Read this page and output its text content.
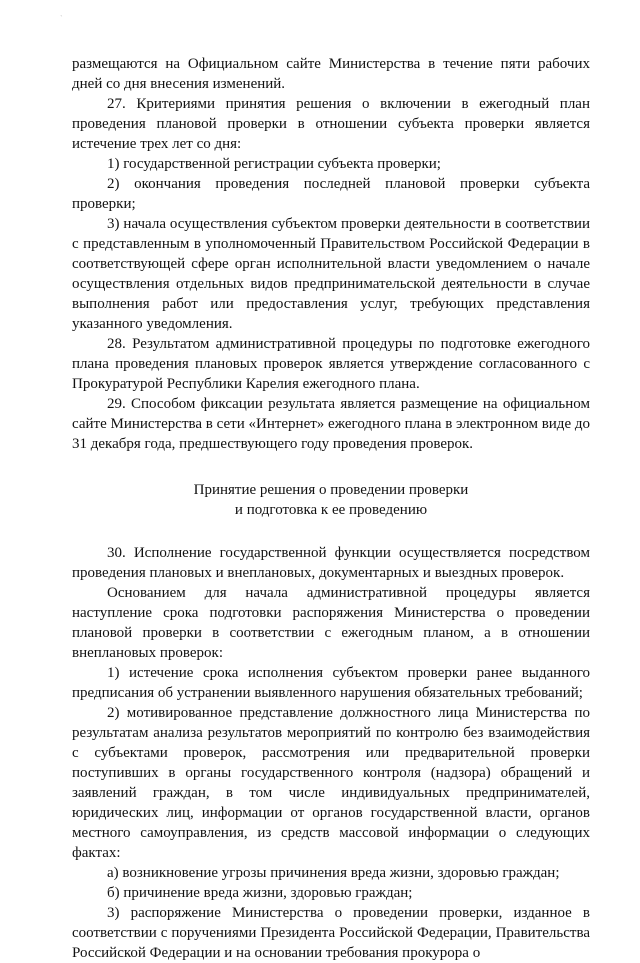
`

размещаются на Официальном сайте Министерства в течение пяти рабочих дней со дня внесения изменений.

27. Критериями принятия решения о включении в ежегодный план проведения плановой проверки в отношении субъекта проверки является истечение трех лет со дня:

1) государственной регистрации субъекта проверки;

2) окончания проведения последней плановой проверки субъекта проверки;

3) начала осуществления субъектом проверки деятельности в соответствии с представленным в уполномоченный Правительством Российской Федерации в соответствующей сфере орган исполнительной власти уведомлением о начале осуществления отдельных видов предпринимательской деятельности в случае выполнения работ или предоставления услуг, требующих представления указанного уведомления.

28. Результатом административной процедуры по подготовке ежегодного плана проведения плановых проверок является утверждение согласованного с Прокуратурой Республики Карелия ежегодного плана.

29. Способом фиксации результата является размещение на официальном сайте Министерства в сети «Интернет» ежегодного плана в электронном виде до 31 декабря года, предшествующего году проведения проверок.

Принятие решения о проведении проверки
и подготовка к ее проведению

30. Исполнение государственной функции осуществляется посредством проведения плановых и внеплановых, документарных и выездных проверок.

Основанием для начала административной процедуры является наступление срока подготовки распоряжения Министерства о проведении плановой проверки в соответствии с ежегодным планом, а в отношении внеплановых проверок:

1) истечение срока исполнения субъектом проверки ранее выданного предписания об устранении выявленного нарушения обязательных требований;

2) мотивированное представление должностного лица Министерства по результатам анализа результатов мероприятий по контролю без взаимодействия с субъектами проверок, рассмотрения или предварительной проверки поступивших в органы государственного контроля (надзора) обращений и заявлений граждан, в том числе индивидуальных предпринимателей, юридических лиц, информации от органов государственной власти, органов местного самоуправления, из средств массовой информации о следующих фактах:

а) возникновение угрозы причинения вреда жизни, здоровью граждан;

б) причинение вреда жизни, здоровью граждан;

3) распоряжение Министерства о проведении проверки, изданное в соответствии с поручениями Президента Российской Федерации, Правительства Российской Федерации и на основании требования прокурора о
